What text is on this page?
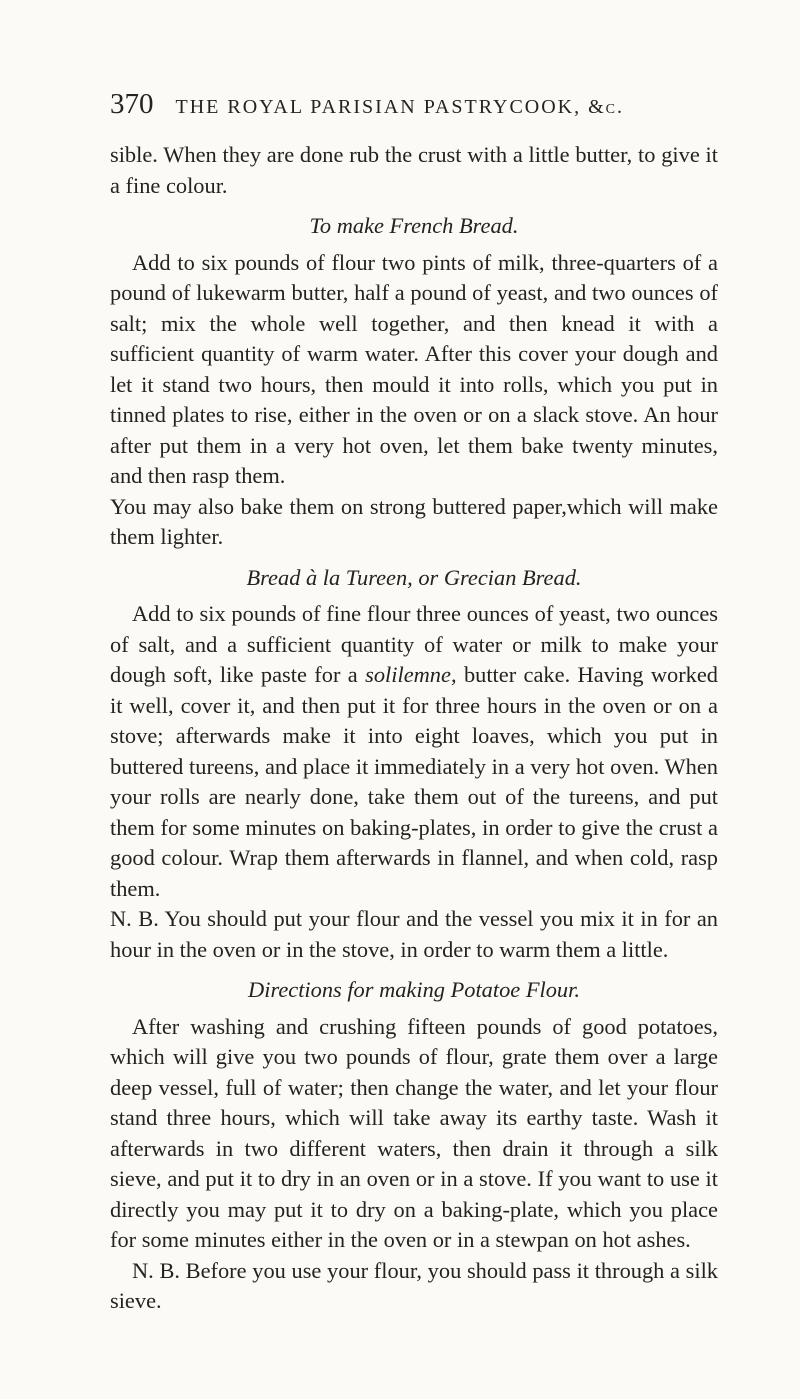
370 THE ROYAL PARISIAN PASTRYCOOK, &c.

sible. When they are done rub the crust with a little butter, to give it a fine colour.

To make French Bread.

Add to six pounds of flour two pints of milk, three-quarters of a pound of lukewarm butter, half a pound of yeast, and two ounces of salt; mix the whole well together, and then knead it with a sufficient quantity of warm water. After this cover your dough and let it stand two hours, then mould it into rolls, which you put in tinned plates to rise, either in the oven or on a slack stove. An hour after put them in a very hot oven, let them bake twenty minutes, and then rasp them.

You may also bake them on strong buttered paper,which will make them lighter.

Bread à la Tureen, or Grecian Bread.

Add to six pounds of fine flour three ounces of yeast, two ounces of salt, and a sufficient quantity of water or milk to make your dough soft, like paste for a solilemne, butter cake. Having worked it well, cover it, and then put it for three hours in the oven or on a stove; afterwards make it into eight loaves, which you put in buttered tureens, and place it immediately in a very hot oven. When your rolls are nearly done, take them out of the tureens, and put them for some minutes on baking-plates, in order to give the crust a good colour. Wrap them afterwards in flannel, and when cold, rasp them.

N. B. You should put your flour and the vessel you mix it in for an hour in the oven or in the stove, in order to warm them a little.

Directions for making Potatoe Flour.

After washing and crushing fifteen pounds of good potatoes, which will give you two pounds of flour, grate them over a large deep vessel, full of water; then change the water, and let your flour stand three hours, which will take away its earthy taste. Wash it afterwards in two different waters, then drain it through a silk sieve, and put it to dry in an oven or in a stove. If you want to use it directly you may put it to dry on a baking-plate, which you place for some minutes either in the oven or in a stewpan on hot ashes.

N. B. Before you use your flour, you should pass it through a silk sieve.
